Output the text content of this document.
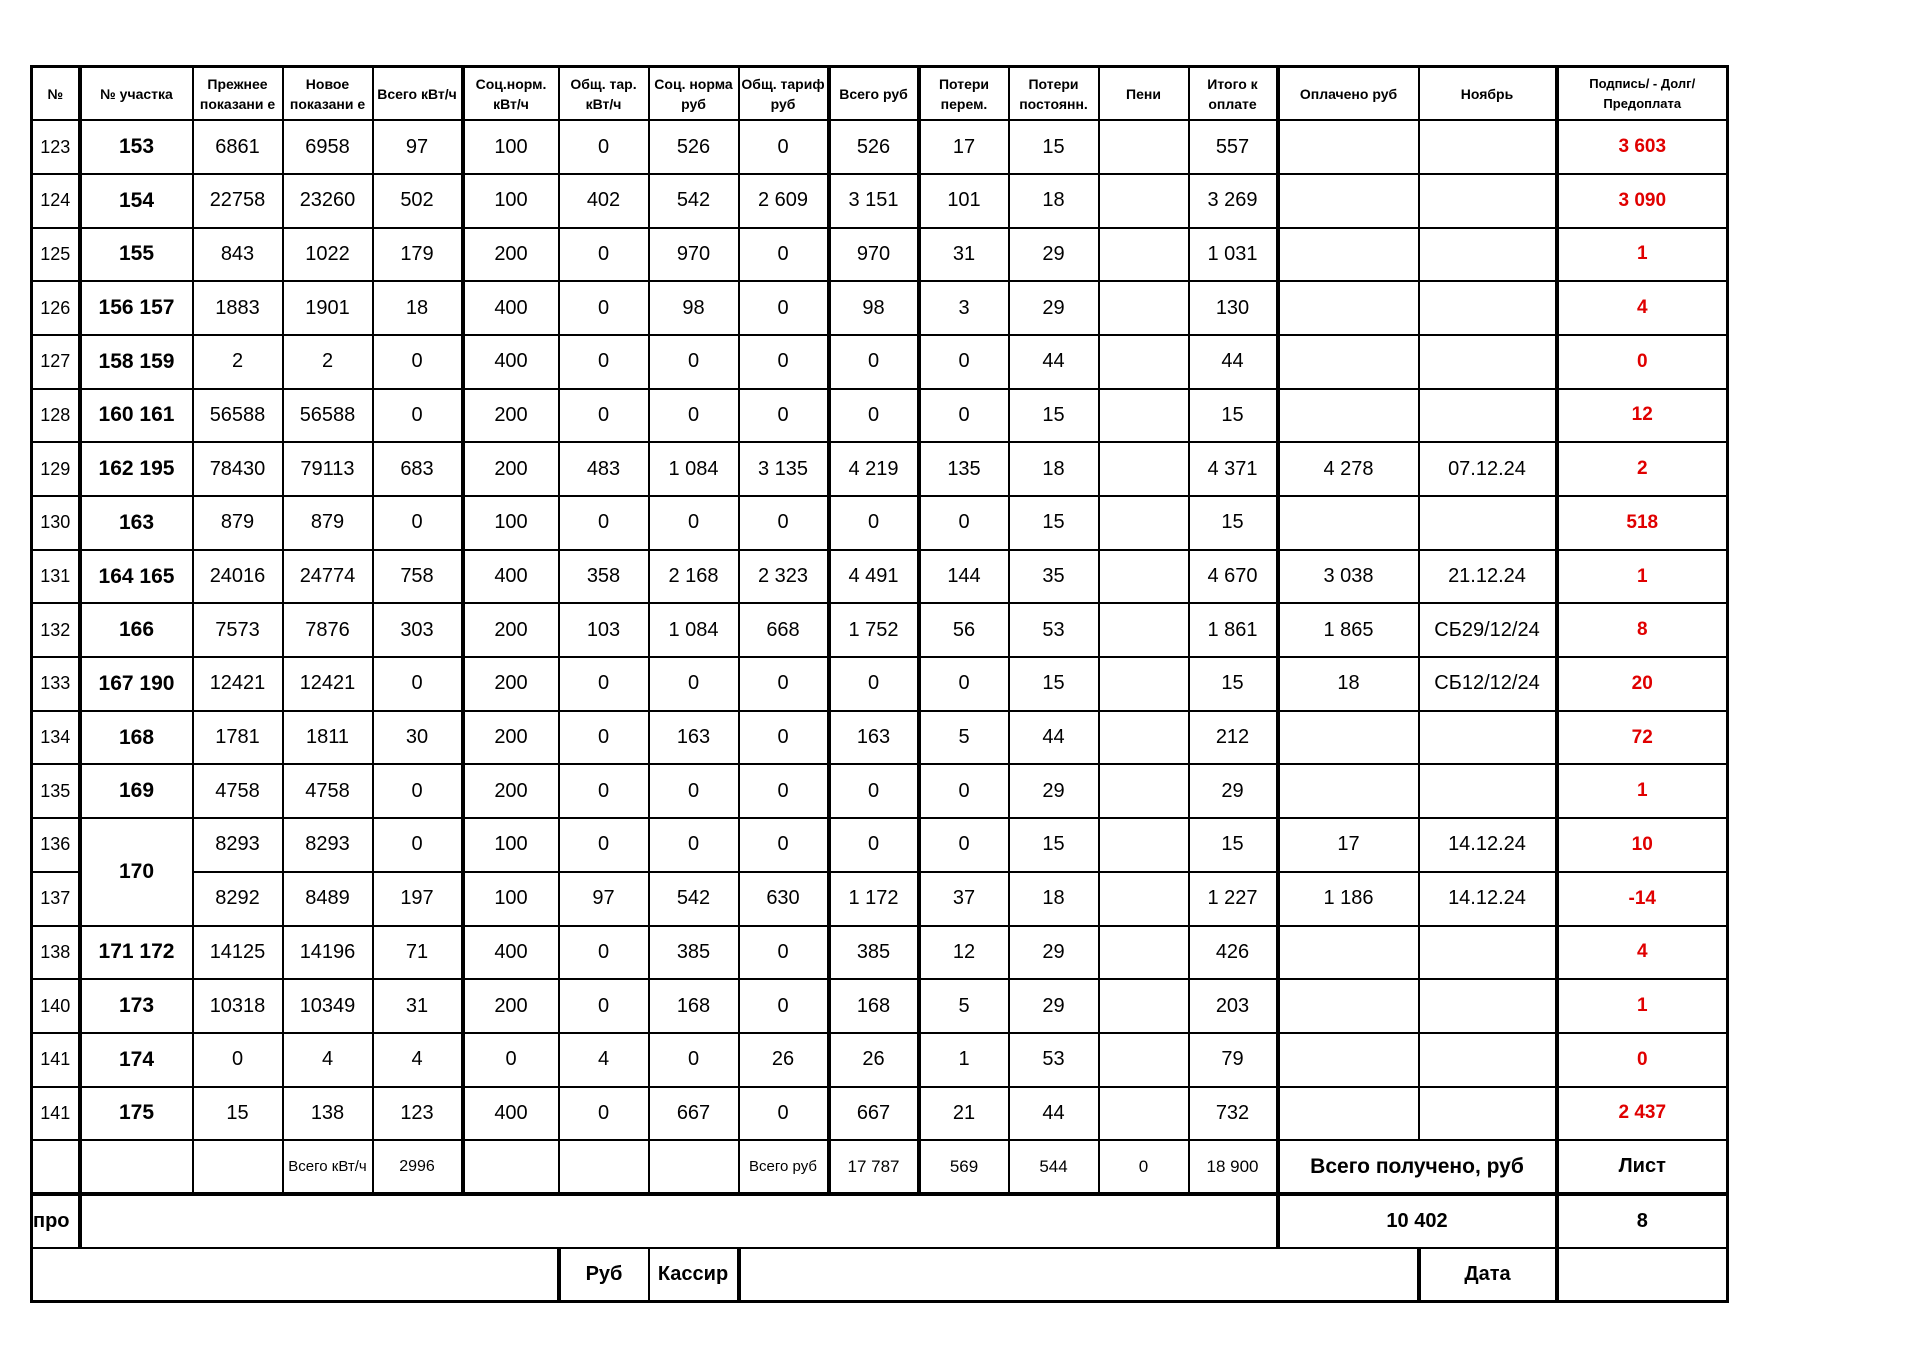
№	№ участка	Прежнее показани е	Новое показани е	Всего кВт/ч	Соц.норм. кВт/ч	Общ. тар. кВт/ч	Соц. норма руб	Общ. тариф руб	Всего руб	Потери перем.	Потери постоянн.	Пени	Итого к оплате	Оплачено руб	Ноябрь	Подпись/ - Долг/Предоплата
123	153	6861	6958	97	100	0	526	0	526	17	15		557			3 603
124	154	22758	23260	502	100	402	542	2 609	3 151	101	18		3 269			3 090
125	155	843	1022	179	200	0	970	0	970	31	29		1 031			1
126	156 157	1883	1901	18	400	0	98	0	98	3	29		130			4
127	158 159	2	2	0	400	0	0	0	0	0	44		44			0
128	160 161	56588	56588	0	200	0	0	0	0	0	15		15			12
129	162 195	78430	79113	683	200	483	1 084	3 135	4 219	135	18		4 371	4 278	07.12.24	2
130	163	879	879	0	100	0	0	0	0	0	15		15			518
131	164 165	24016	24774	758	400	358	2 168	2 323	4 491	144	35		4 670	3 038	21.12.24	1
132	166	7573	7876	303	200	103	1 084	668	1 752	56	53		1 861	1 865	СБ29/12/24	8
133	167 190	12421	12421	0	200	0	0	0	0	0	15		15	18	СБ12/12/24	20
134	168	1781	1811	30	200	0	163	0	163	5	44		212			72
135	169	4758	4758	0	200	0	0	0	0	0	29		29			1
136	170	8293	8293	0	100	0	0	0	0	0	15		15	17	14.12.24	10
137		8292	8489	197	100	97	542	630	1 172	37	18		1 227	1 186	14.12.24	-14
138	171 172	14125	14196	71	400	0	385	0	385	12	29		426			4
140	173	10318	10349	31	200	0	168	0	168	5	29		203			1
141	174	0	4	4	0	4	0	26	26	1	53		79			0
141	175	15	138	123	400	0	667	0	667	21	44		732			2 437
			Всего кВт/ч	2996				Всего руб	17 787	569	544	0	18 900	Всего получено, руб		Лист
про														10 402		8
						Руб	Кассир								Дата	
